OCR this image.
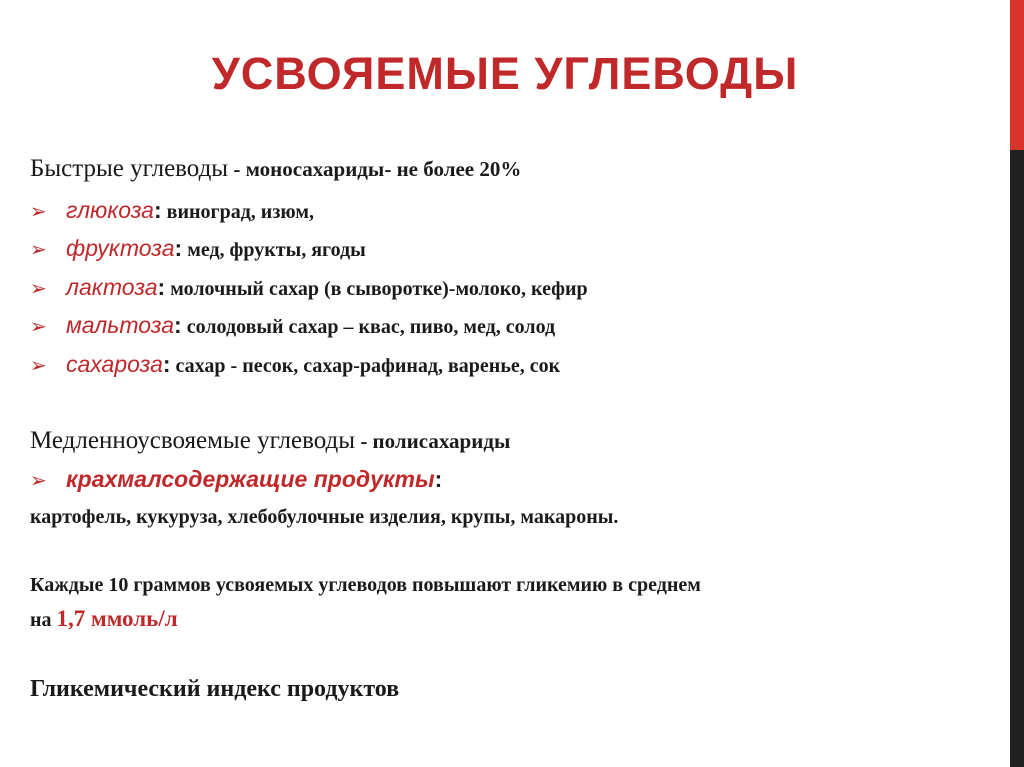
УСВОЯЕМЫЕ УГЛЕВОДЫ
Быстрые углеводы - моносахариды- не более 20%
➢ глюкоза: виноград, изюм,
➢ фруктоза: мед, фрукты, ягоды
➢ лактоза: молочный сахар (в сыворотке)-молоко, кефир
➢ мальтоза: солодовый сахар – квас, пиво, мед, солод
➢ сахароза: сахар - песок, сахар-рафинад, варенье, сок
Медленноусвояемые углеводы - полисахариды
➢ крахмалсодержащие продукты:
картофель, кукуруза, хлебобулочные изделия, крупы, макароны.
Каждые 10 граммов усвояемых углеводов повышают гликемию в среднем
на 1,7 ммоль/л
Гликемический индекс продуктов
